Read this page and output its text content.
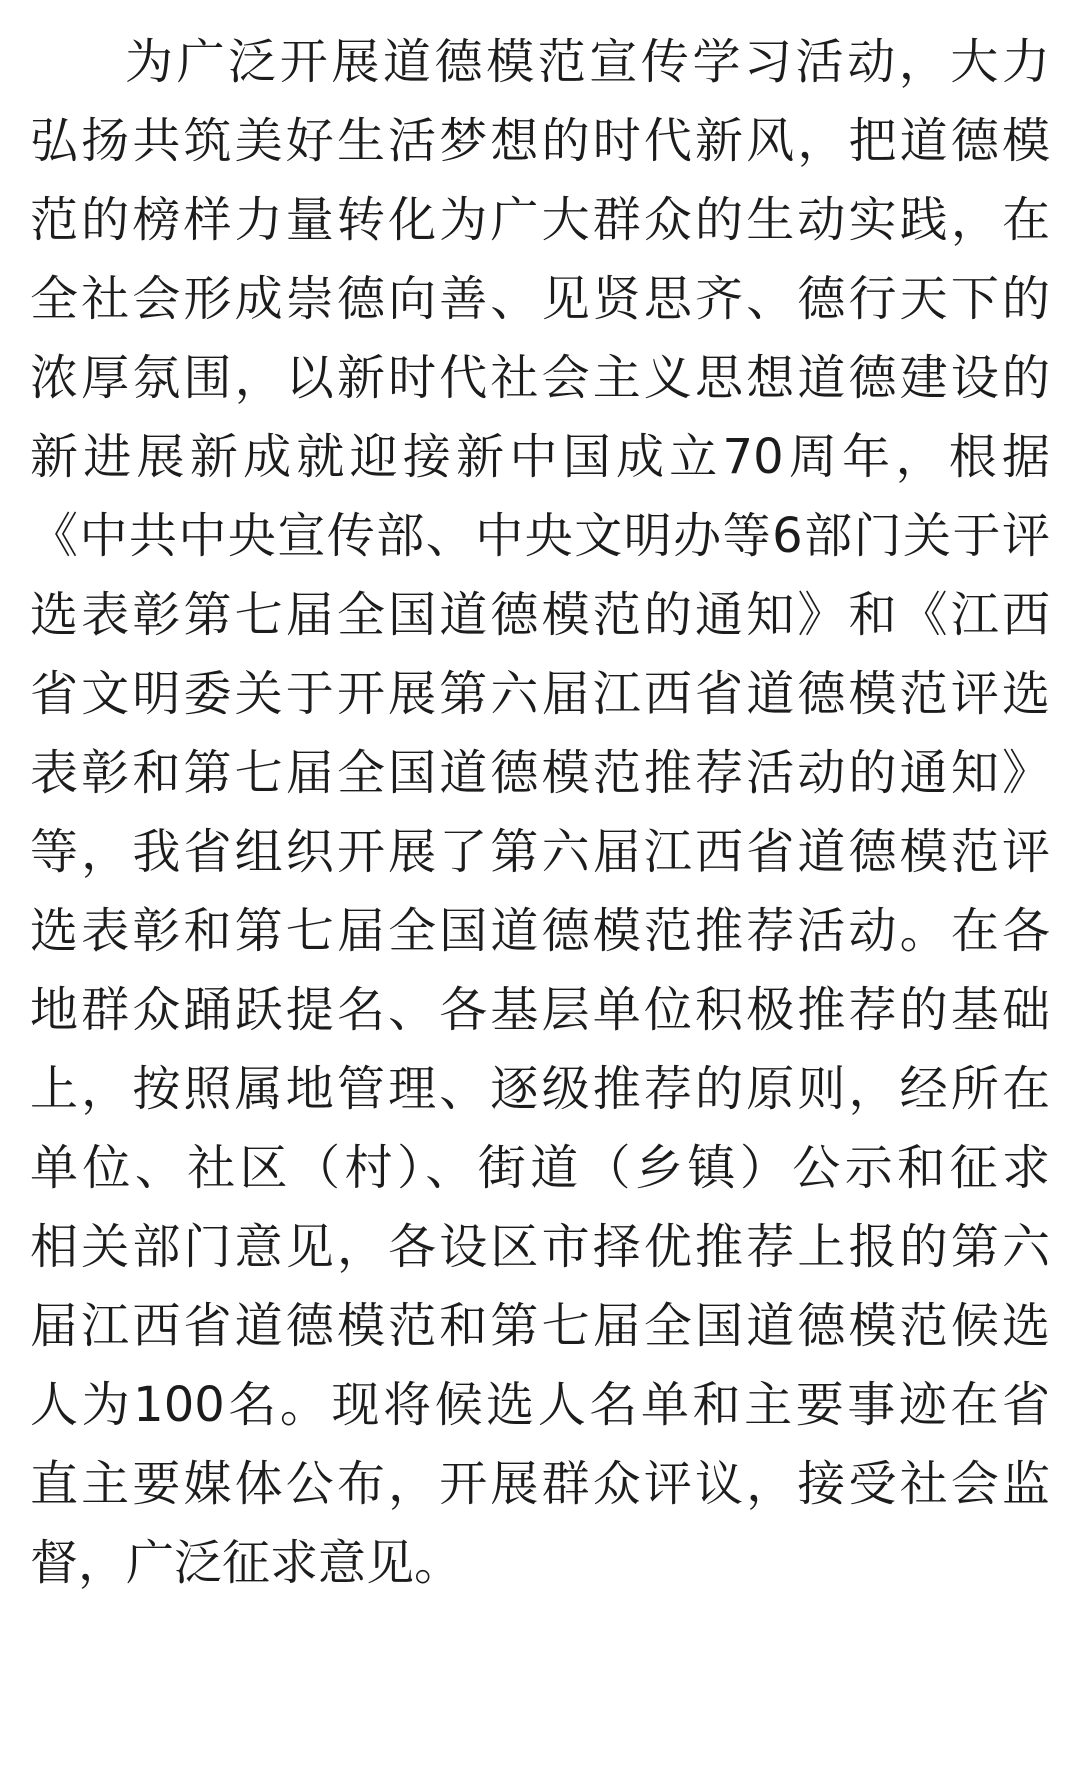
为广泛开展道德模范宣传学习活动，大力
弘扬共筑美好生活梦想的时代新风，把道德模
范的榜样力量转化为广大群众的生动实践，在
全社会形成崇德向善、见贤思齐、德行天下的
浓厚氛围，以新时代社会主义思想道德建设的
新进展新成就迎接新中国成立70周年，根据
《中共中央宣传部、中央文明办等6部门关于评
选表彰第七届全国道德模范的通知》和《江西
省文明委关于开展第六届江西省道德模范评选
表彰和第七届全国道德模范推荐活动的通知》
等，我省组织开展了第六届江西省道德模范评
选表彰和第七届全国道德模范推荐活动。在各
地群众踊跃提名、各基层单位积极推荐的基础
上，按照属地管理、逐级推荐的原则，经所在
单位、社区（村）、街道（乡镇）公示和征求
相关部门意见，各设区市择优推荐上报的第六
届江西省道德模范和第七届全国道德模范候选
人为100名。现将候选人名单和主要事迹在省
直主要媒体公布，开展群众评议，接受社会监
督，广泛征求意见。
